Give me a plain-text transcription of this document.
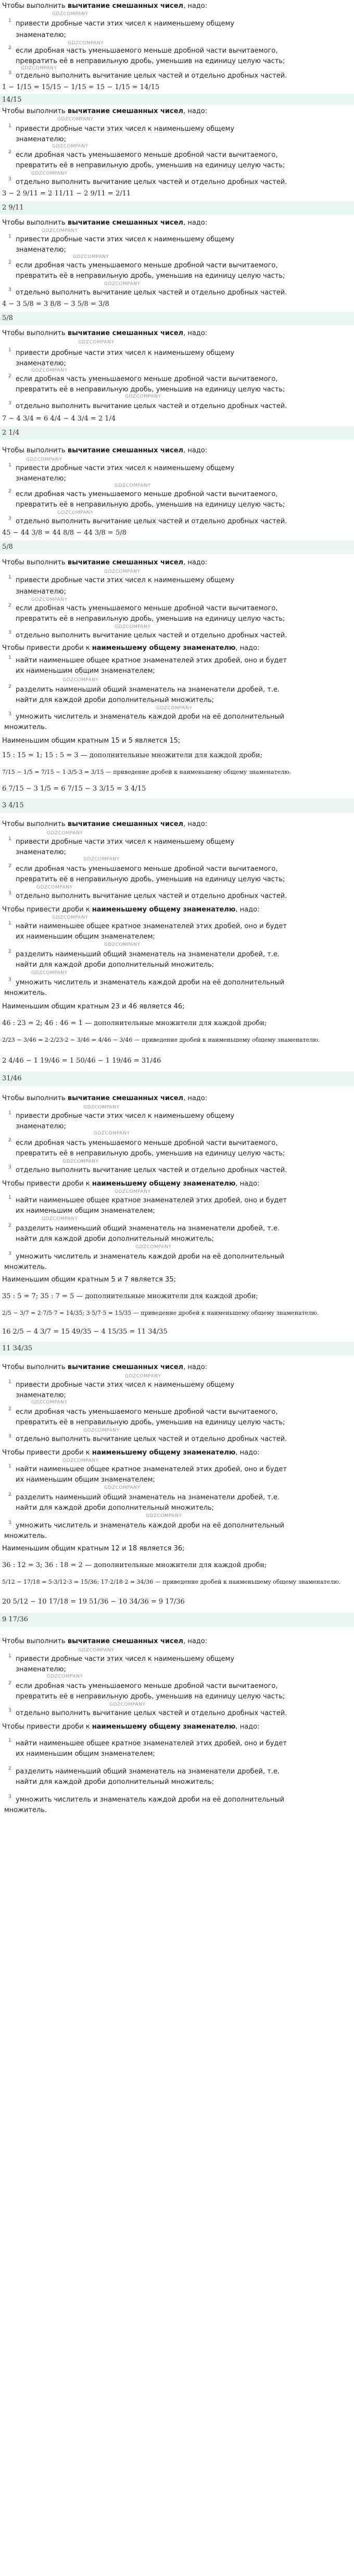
Чтобы выполнить вычитание смешанных чисел, надо:
GDZCOMPANY
1 привести дробные части этих чисел к наименьшему общему
знаменателю;
GDZCOMPANY
2 если дробная часть уменьшаемого меньше дробной части вычитаемого,
превратить её в неправильную дробь, уменьшив на единицу целую часть;
GDZCOMPANY
3 отдельно выполнить вычитание целых частей и отдельно дробных частей.
1 − 1/15 = 15/15 − 1/15 = 15 − 1/15 = 14/15
14/15
Чтобы выполнить вычитание смешанных чисел, надо:
GDZCOMPANY
1 привести дробные части этих чисел к наименьшему общему
знаменателю;
GDZCOMPANY
2 если дробная часть уменьшаемого меньше дробной части вычитаемого,
превратить её в неправильную дробь, уменьшив на единицу целую часть;
GDZCOMPANY
3 отдельно выполнить вычитание целых частей и отдельно дробных частей.
3 − 2 9/11 = 2 11/11 − 2 9/11 = 2/11
2 9/11
Чтобы выполнить вычитание смешанных чисел, надо:
GDZCOMPANY
1 привести дробные части этих чисел к наименьшему общему
знаменателю;
GDZCOMPANY
2 если дробная часть уменьшаемого меньше дробной части вычитаемого,
превратить её в неправильную дробь, уменьшив на единицу целую часть;
GDZCOMPANY
3 отдельно выполнить вычитание целых частей и отдельно дробных частей.
4 − 3 5/8 = 3 8/8 − 3 5/8 = 3/8
5/8
Чтобы выполнить вычитание смешанных чисел, надо:
GDZCOMPANY
1 привести дробные части этих чисел к наименьшему общему
знаменателю;
GDZCOMPANY
2 если дробная часть уменьшаемого меньше дробной части вычитаемого,
превратить её в неправильную дробь, уменьшив на единицу целую часть;
GDZCOMPANY
3 отдельно выполнить вычитание целых частей и отдельно дробных частей.
7 − 4 3/4 = 6 4/4 − 4 3/4 = 2 1/4
2 1/4
Чтобы выполнить вычитание смешанных чисел, надо:
GDZCOMPANY
1 привести дробные части этих чисел к наименьшему общему
знаменателю;
GDZCOMPANY
2 если дробная часть уменьшаемого меньше дробной части вычитаемого,
превратить её в неправильную дробь, уменьшив на единицу целую часть;
GDZCOMPANY
3 отдельно выполнить вычитание целых частей и отдельно дробных частей.
45 − 44 3/8 = 44 8/8 − 44 3/8 = 5/8
5/8
Чтобы выполнить вычитание смешанных чисел, надо:
GDZCOMPANY
1 привести дробные части этих чисел к наименьшему общему
знаменателю;
GDZCOMPANY
2 если дробная часть уменьшаемого меньше дробной части вычитаемого,
превратить её в неправильную дробь, уменьшив на единицу целую часть;
GDZCOMPANY
3 отдельно выполнить вычитание целых частей и отдельно дробных частей.
Чтобы привести дроби к наименьшему общему знаменателю, надо:
1 найти наименьшее общее кратное знаменателей этих дробей, оно и будет
их наименьшим общим знаменателем;
GDZCOMPANY
2 разделить наименьший общий знаменатель на знаменатели дробей, т.е.
найти для каждой дроби дополнительный множитель;
GDZCOMPANY
3 умножить числитель и знаменатель каждой дроби на её дополнительный
множитель.
Наименьшим общим кратным 15 и 5 является 15;
15 : 15 = 1; 15 : 5 = 3 — дополнительные множители для каждой дроби;
7/15 − 1/5 = 7/15 − 1·3/5·3 = 3/15 — приведение дробей к наименьшему общему знаменателю.
6 7/15 − 3 1/5 = 6 7/15 − 3 3/15 = 3 4/15
3 4/15
Чтобы выполнить вычитание смешанных чисел, надо:
GDZCOMPANY
1 привести дробные части этих чисел к наименьшему общему
знаменателю;
GDZCOMPANY
2 если дробная часть уменьшаемого меньше дробной части вычитаемого,
превратить её в неправильную дробь, уменьшив на единицу целую часть;
GDZCOMPANY
3 отдельно выполнить вычитание целых частей и отдельно дробных частей.
Чтобы привести дроби к наименьшему общему знаменателю, надо:
GDZCOMPANY
1 найти наименьшее общее кратное знаменателей этих дробей, оно и будет
их наименьшим общим знаменателем;
GDZCOMPANY
2 разделить наименьший общий знаменатель на знаменатели дробей, т.е.
найти для каждой дроби дополнительный множитель;
GDZCOMPANY
3 умножить числитель и знаменатель каждой дроби на её дополнительный
множитель.
Наименьшим общим кратным 23 и 46 является 46;
46 : 23 = 2; 46 : 46 = 1 — дополнительные множители для каждой дроби;
2/23 − 3/46 = 2·2/23·2 − 3/46 = 4/46 − 3/46 — приведение дробей к наименьшему общему знаменателю.
2 4/46 − 1 19/46 = 1 50/46 − 1 19/46 = 31/46
31/46
Чтобы выполнить вычитание смешанных чисел, надо:
GDZCOMPANY
1 привести дробные части этих чисел к наименьшему общему
знаменателю;
GDZCOMPANY
2 если дробная часть уменьшаемого меньше дробной части вычитаемого,
превратить её в неправильную дробь, уменьшив на единицу целую часть;
GDZCOMPANY
3 отдельно выполнить вычитание целых частей и отдельно дробных частей.
Чтобы привести дроби к наименьшему общему знаменателю, надо:
GDZCOMPANY
1 найти наименьшее общее кратное знаменателей этих дробей, оно и будет
их наименьшим общим знаменателем;
GDZCOMPANY
2 разделить наименьший общий знаменатель на знаменатели дробей, т.е.
найти для каждой дроби дополнительный множитель;
GDZCOMPANY
3 умножить числитель и знаменатель каждой дроби на её дополнительный
множитель.
Наименьшим общим кратным 5 и 7 является 35;
35 : 5 = 7; 35 : 7 = 5 — дополнительные множители для каждой дроби;
2/5 − 3/7 = 2·7/5·7 = 14/35; 3·5/7·5 = 15/35 — приведение дробей к наименьшему общему знаменателю.
16 2/5 − 4 3/7 = 15 49/35 − 4 15/35 = 11 34/35
11 34/35
Чтобы выполнить вычитание смешанных чисел, надо:
GDZCOMPANY
1 привести дробные части этих чисел к наименьшему общему
знаменателю;
GDZCOMPANY
2 если дробная часть уменьшаемого меньше дробной части вычитаемого,
превратить её в неправильную дробь, уменьшив на единицу целую часть;
GDZCOMPANY
3 отдельно выполнить вычитание целых частей и отдельно дробных частей.
Чтобы привести дроби к наименьшему общему знаменателю, надо:
GDZCOMPANY
1 найти наименьшее общее кратное знаменателей этих дробей, оно и будет
их наименьшим общим знаменателем;
GDZCOMPANY
2 разделить наименьший общий знаменатель на знаменатели дробей, т.е.
найти для каждой дроби дополнительный множитель;
GDZCOMPANY
3 умножить числитель и знаменатель каждой дроби на её дополнительный
множитель.
Наименьшим общим кратным 12 и 18 является 36;
36 : 12 = 3; 36 : 18 = 2 — дополнительные множители для каждой дроби;
5/12 − 17/18 = 5·3/12·3 = 15/36; 17·2/18·2 = 34/36 — приведение дробей к наименьшему общему знаменателю.
20 5/12 − 10 17/18 = 19 51/36 − 10 34/36 = 9 17/36
9 17/36
Чтобы выполнить вычитание смешанных чисел, надо:
GDZCOMPANY
1 привести дробные части этих чисел к наименьшему общему
знаменателю;
GDZCOMPANY
2 если дробная часть уменьшаемого меньше дробной части вычитаемого,
превратить её в неправильную дробь, уменьшив на единицу целую часть;
GDZCOMPANY
3 отдельно выполнить вычитание целых частей и отдельно дробных частей.
Чтобы привести дроби к наименьшему общему знаменателю, надо:
1 найти наименьшее общее кратное знаменателей этих дробей, оно и будет
их наименьшим общим знаменателем;
2 разделить наименьший общий знаменатель на знаменатели дробей, т.е.
найти для каждой дроби дополнительный множитель;
3 умножить числитель и знаменатель каждой дроби на её дополнительный
множитель.
